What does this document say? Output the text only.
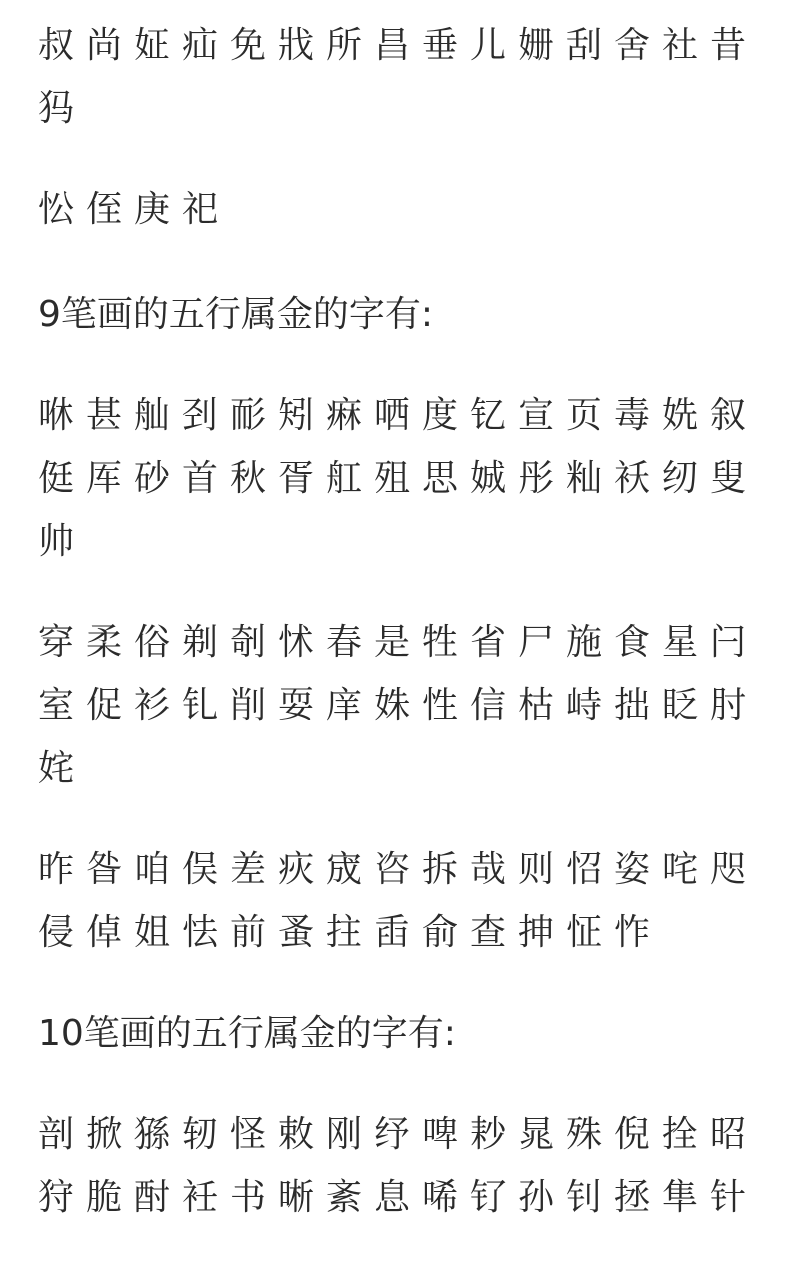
叔尚姃疝免戕所昌垂儿姗刮舍社昔犸

忪侄庚祀

9笔画的五行属金的字有:

咻甚舢刭耏矧痳哂度钇宣页毒姺叙侹厍砂首秋胥舡殂思娍彤籼袄纫叟帅

穿柔俗剃剞怵春是牲省尸施食星闩室促衫钆削耍庠姝性信枯峙拙眨肘姹

昨昝咱俣差疢宬咨拆哉则怊姿咤咫侵倬姐怯前蚤拄臿俞查抻怔怍

10笔画的五行属金的字有:

剖掀猻轫怪敕刚纾啤耖晁殊倪拴昭狩脆酎衽书晰紊息唏钌孙钊拯隼针
